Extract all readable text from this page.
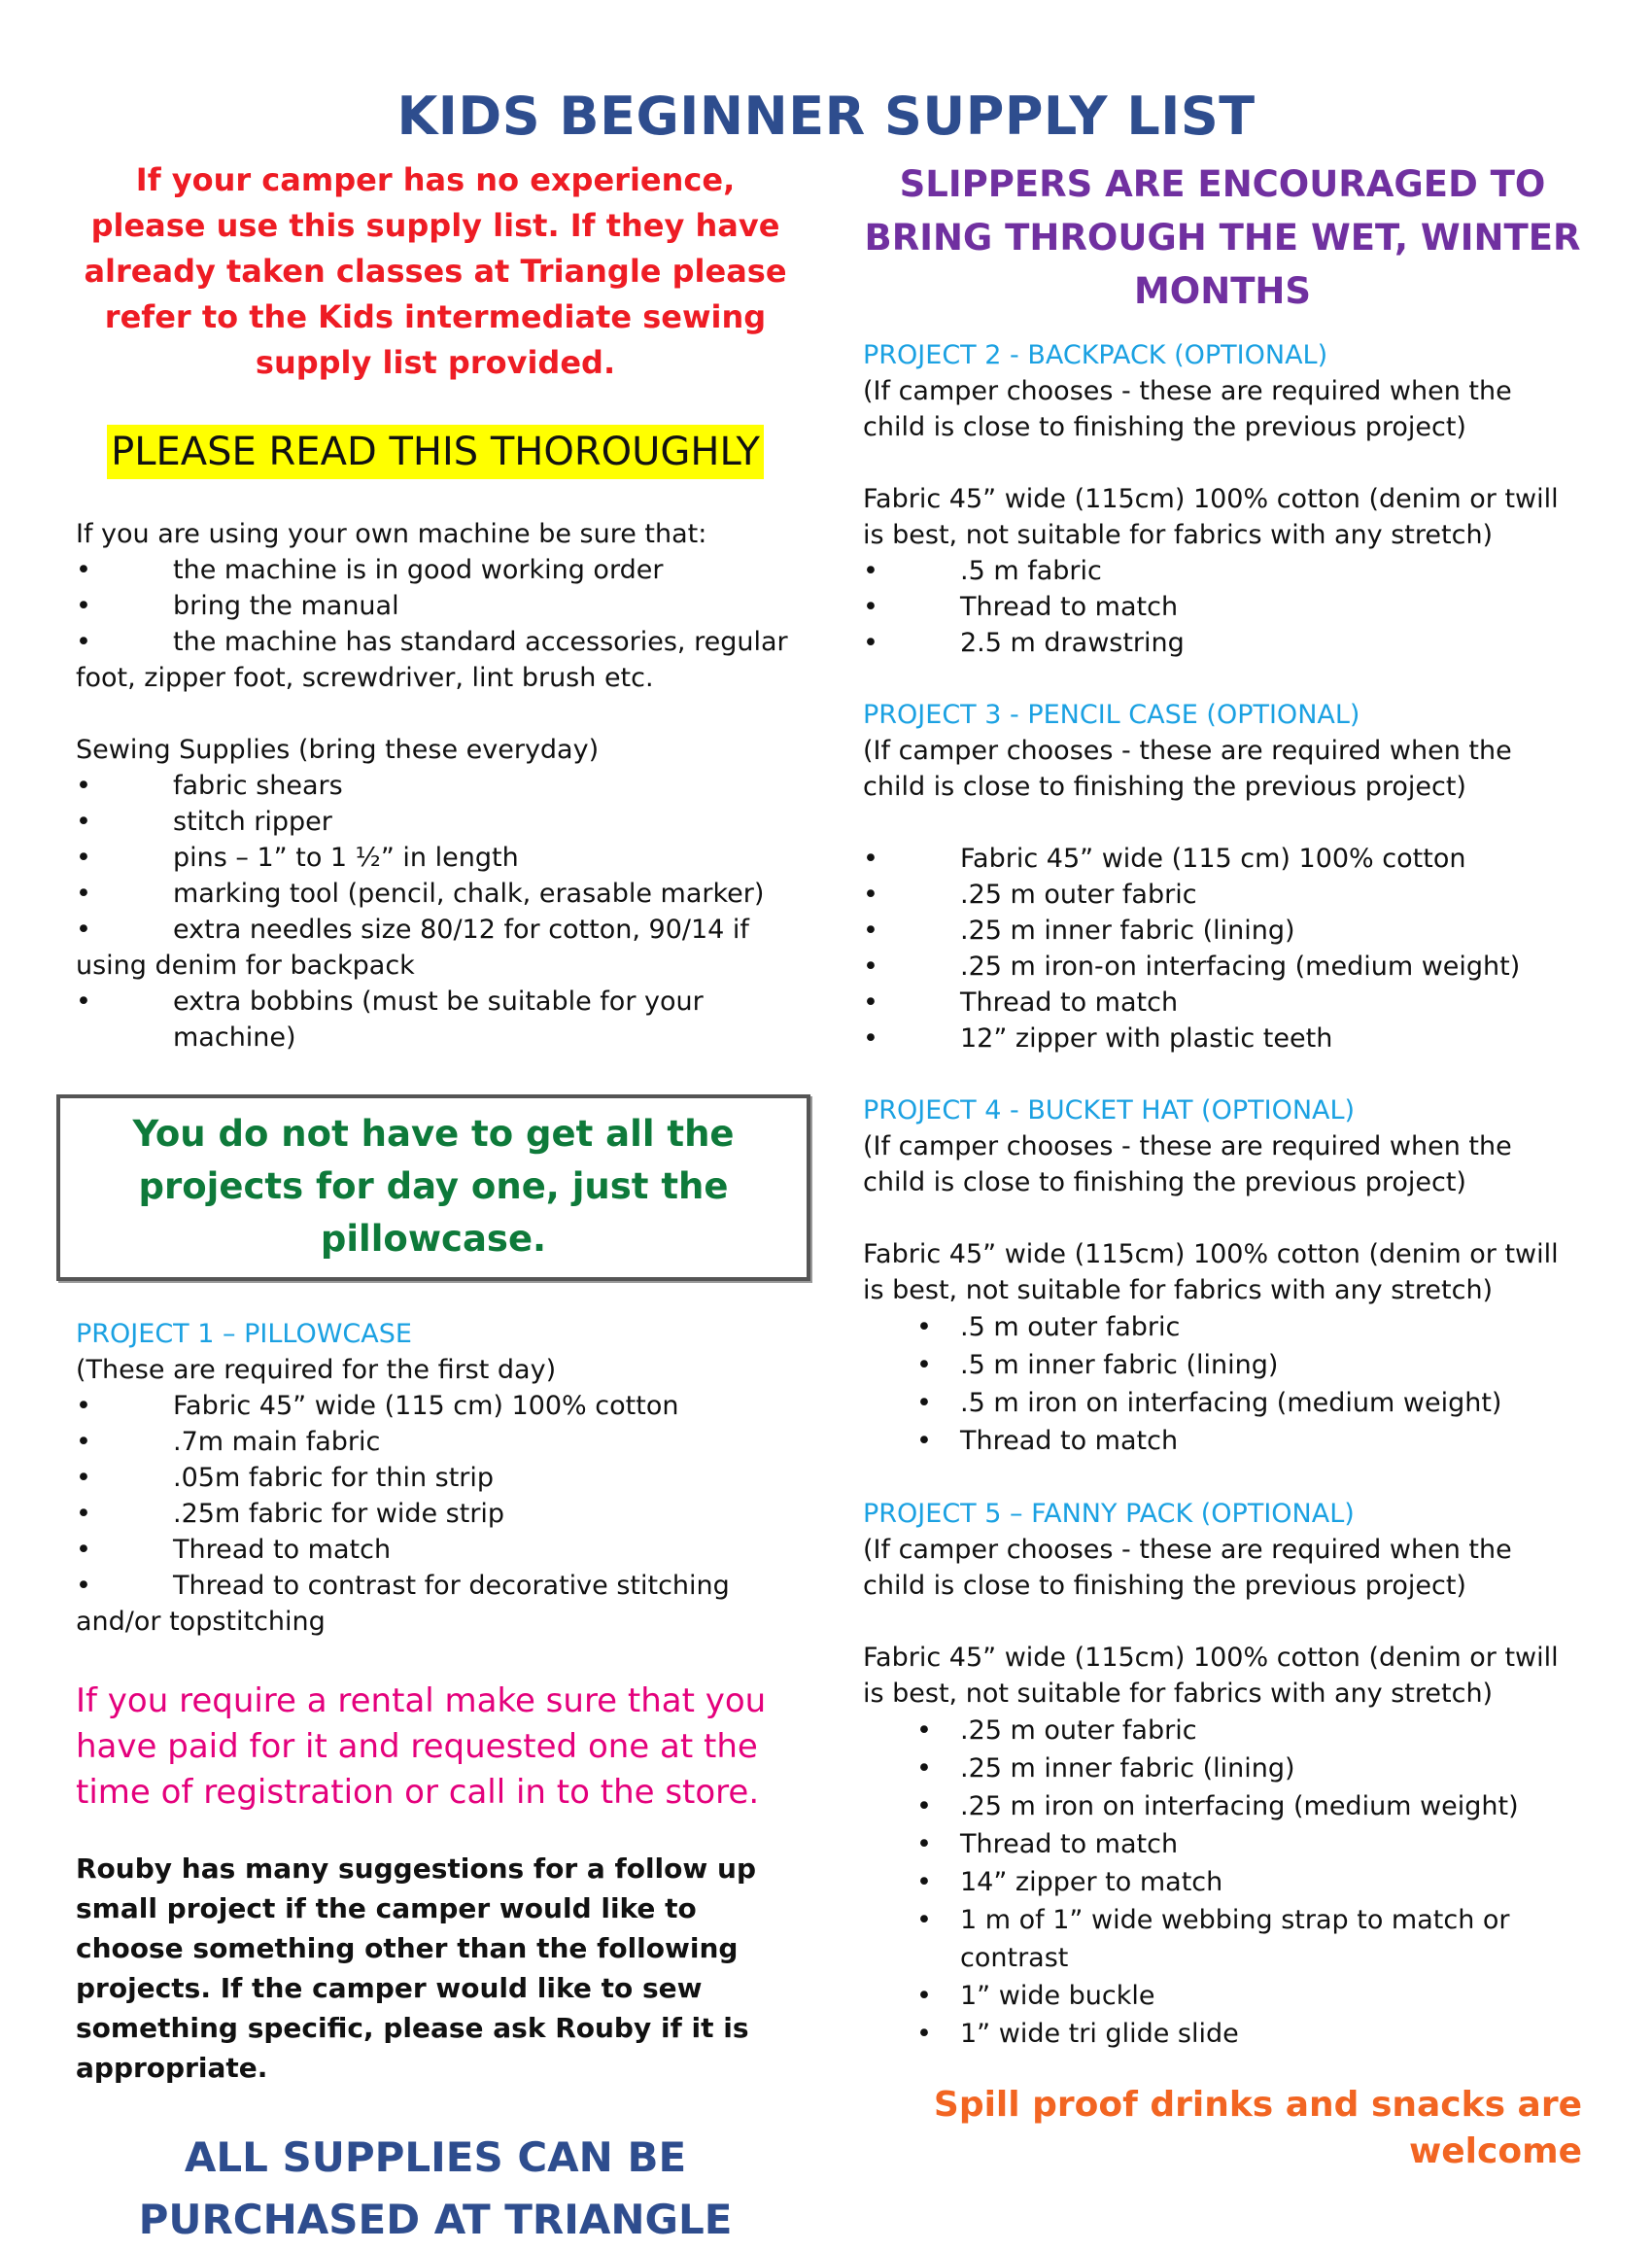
KIDS BEGINNER SUPPLY LIST

If your camper has no experience, please use this supply list. If they have already taken classes at Triangle please refer to the Kids intermediate sewing supply list provided.

PLEASE READ THIS THOROUGHLY

If you are using your own machine be sure that:

•	the machine is in good working order
•	bring the manual
•	the machine has standard accessories, regular foot, zipper foot, screwdriver, lint brush etc.

Sewing Supplies (bring these everyday)

•	fabric shears
•	stitch ripper
•	pins – 1” to 1 ½” in length
•	marking tool (pencil, chalk, erasable marker)
•	extra needles size 80/12 for cotton, 90/14 if using denim for backpack
•	extra bobbins (must be suitable for your machine)
You do not have to get all the projects for day one, just the pillowcase.

PROJECT 1 – PILLOWCASE

(These are required for the first day)

•	Fabric 45” wide (115 cm) 100% cotton
•	.7m main fabric
•	.05m fabric for thin strip
•	.25m fabric for wide strip
•	Thread to match
•	Thread to contrast for decorative stitching and/or topstitching

If you require a rental make sure that you have paid for it and requested one at the time of registration or call in to the store.

Rouby has many suggestions for a follow up small project if the camper would like to choose something other than the following projects. If the camper would like to sew something specific, please ask Rouby if it is appropriate.

ALL SUPPLIES CAN BE PURCHASED AT TRIANGLE

SLIPPERS ARE ENCOURAGED TO BRING THROUGH THE WET, WINTER MONTHS

PROJECT 2 - BACKPACK (OPTIONAL)

(If camper chooses - these are required when the child is close to finishing the previous project)

Fabric 45” wide (115cm) 100% cotton (denim or twill is best, not suitable for fabrics with any stretch)

•	.5 m fabric
•	Thread to match
•	2.5 m drawstring

PROJECT 3 - PENCIL CASE (OPTIONAL)

(If camper chooses - these are required when the child is close to finishing the previous project)

•	Fabric 45” wide (115 cm) 100% cotton
•	.25 m outer fabric
•	.25 m inner fabric (lining)
•	.25 m iron-on interfacing (medium weight)
•	Thread to match
•	12” zipper with plastic teeth

PROJECT 4 - BUCKET HAT (OPTIONAL)

(If camper chooses - these are required when the child is close to finishing the previous project)

Fabric 45” wide (115cm) 100% cotton (denim or twill is best, not suitable for fabrics with any stretch)

•	.5 m outer fabric
•	.5 m inner fabric (lining)
•	.5 m iron on interfacing (medium weight)
•	Thread to match

PROJECT 5 – FANNY PACK (OPTIONAL)

(If camper chooses - these are required when the child is close to finishing the previous project)

Fabric 45” wide (115cm) 100% cotton (denim or twill is best, not suitable for fabrics with any stretch)

•	.25 m outer fabric
•	.25 m inner fabric (lining)
•	.25 m iron on interfacing (medium weight)
•	Thread to match
•	14” zipper to match
•	1 m of 1” wide webbing strap to match or contrast
•	1” wide buckle
•	1” wide tri glide slide

Spill proof drinks and snacks are welcome
